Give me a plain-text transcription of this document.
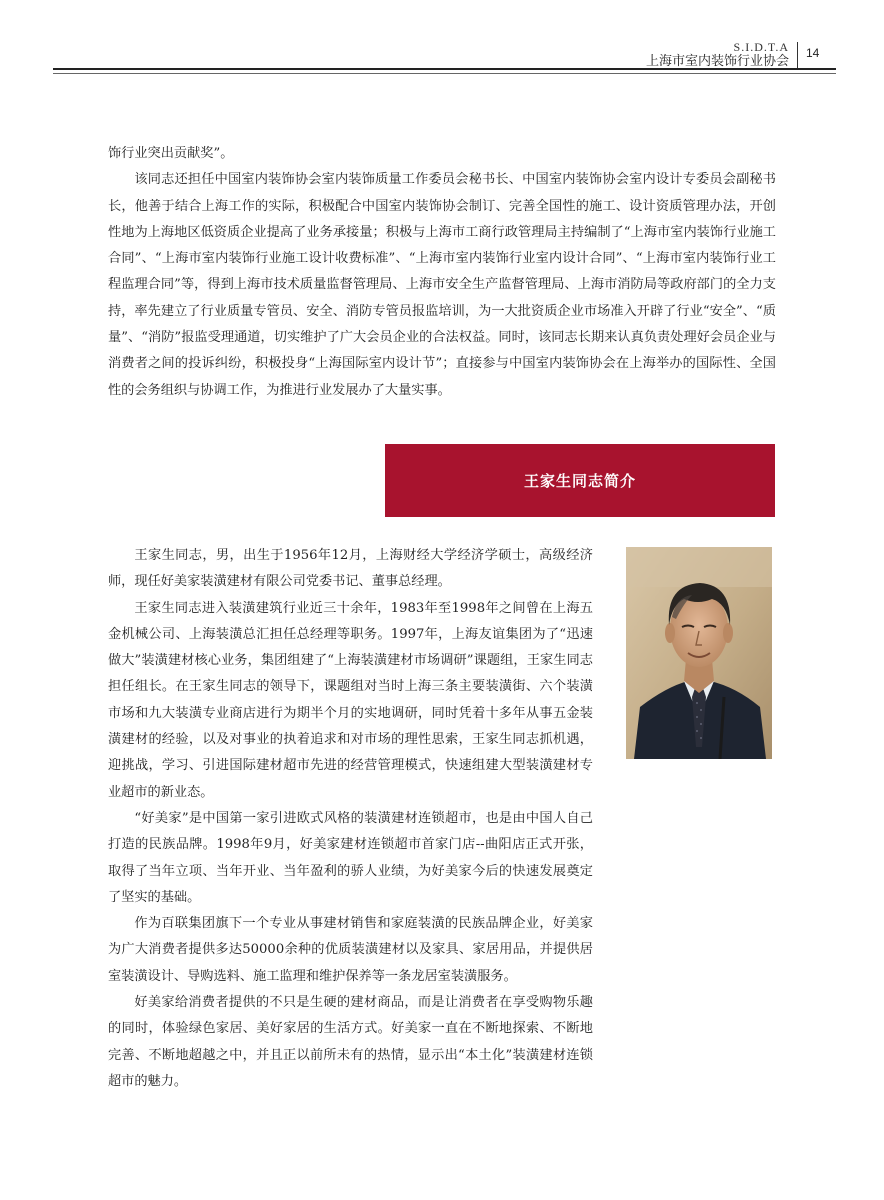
S.I.D.T.A
上海市室内装饰行业协会 14

饰行业突出贡献奖”。

该同志还担任中国室内装饰协会室内装饰质量工作委员会秘书长、中国室内装饰协会室内设计专委员会副秘书长，他善于结合上海工作的实际，积极配合中国室内装饰协会制订、完善全国性的施工、设计资质管理办法，开创性地为上海地区低资质企业提高了业务承接量；积极与上海市工商行政管理局主持编制了“上海市室内装饰行业施工合同”、“上海市室内装饰行业施工设计收费标准”、“上海市室内装饰行业室内设计合同”、“上海市室内装饰行业工程监理合同”等，得到上海市技术质量监督管理局、上海市安全生产监督管理局、上海市消防局等政府部门的全力支持，率先建立了行业质量专管员、安全、消防专管员报监培训，为一大批资质企业市场准入开辟了行业“安全”、“质量”、“消防”报监受理通道，切实维护了广大会员企业的合法权益。同时，该同志长期来认真负责处理好会员企业与消费者之间的投诉纠纷，积极投身“上海国际室内设计节”；直接参与中国室内装饰协会在上海举办的国际性、全国性的会务组织与协调工作，为推进行业发展办了大量实事。

王家生同志简介

王家生同志，男，出生于1956年12月，上海财经大学经济学硕士，高级经济师，现任好美家装潢建材有限公司党委书记、董事总经理。

王家生同志进入装潢建筑行业近三十余年，1983年至1998年之间曾在上海五金机械公司、上海装潢总汇担任总经理等职务。1997年，上海友谊集团为了“迅速做大”装潢建材核心业务，集团组建了“上海装潢建材市场调研”课题组，王家生同志担任组长。在王家生同志的领导下，课题组对当时上海三条主要装潢街、六个装潢市场和九大装潢专业商店进行为期半个月的实地调研，同时凭着十多年从事五金装潢建材的经验，以及对事业的执着追求和对市场的理性思索，王家生同志抓机遇，迎挑战，学习、引进国际建材超市先进的经营管理模式，快速组建大型装潢建材专业超市的新业态。

“好美家”是中国第一家引进欧式风格的装潢建材连锁超市，也是由中国人自己打造的民族品牌。1998年9月，好美家建材连锁超市首家门店--曲阳店正式开张，取得了当年立项、当年开业、当年盈利的骄人业绩，为好美家今后的快速发展奠定了坚实的基础。

作为百联集团旗下一个专业从事建材销售和家庭装潢的民族品牌企业，好美家为广大消费者提供多达50000余种的优质装潢建材以及家具、家居用品，并提供居室装潢设计、导购选料、施工监理和维护保养等一条龙居室装潢服务。

好美家给消费者提供的不只是生硬的建材商品，而是让消费者在享受购物乐趣的同时，体验绿色家居、美好家居的生活方式。好美家一直在不断地探索、不断地完善、不断地超越之中，并且正以前所未有的热情，显示出“本土化”装潢建材连锁超市的魅力。
